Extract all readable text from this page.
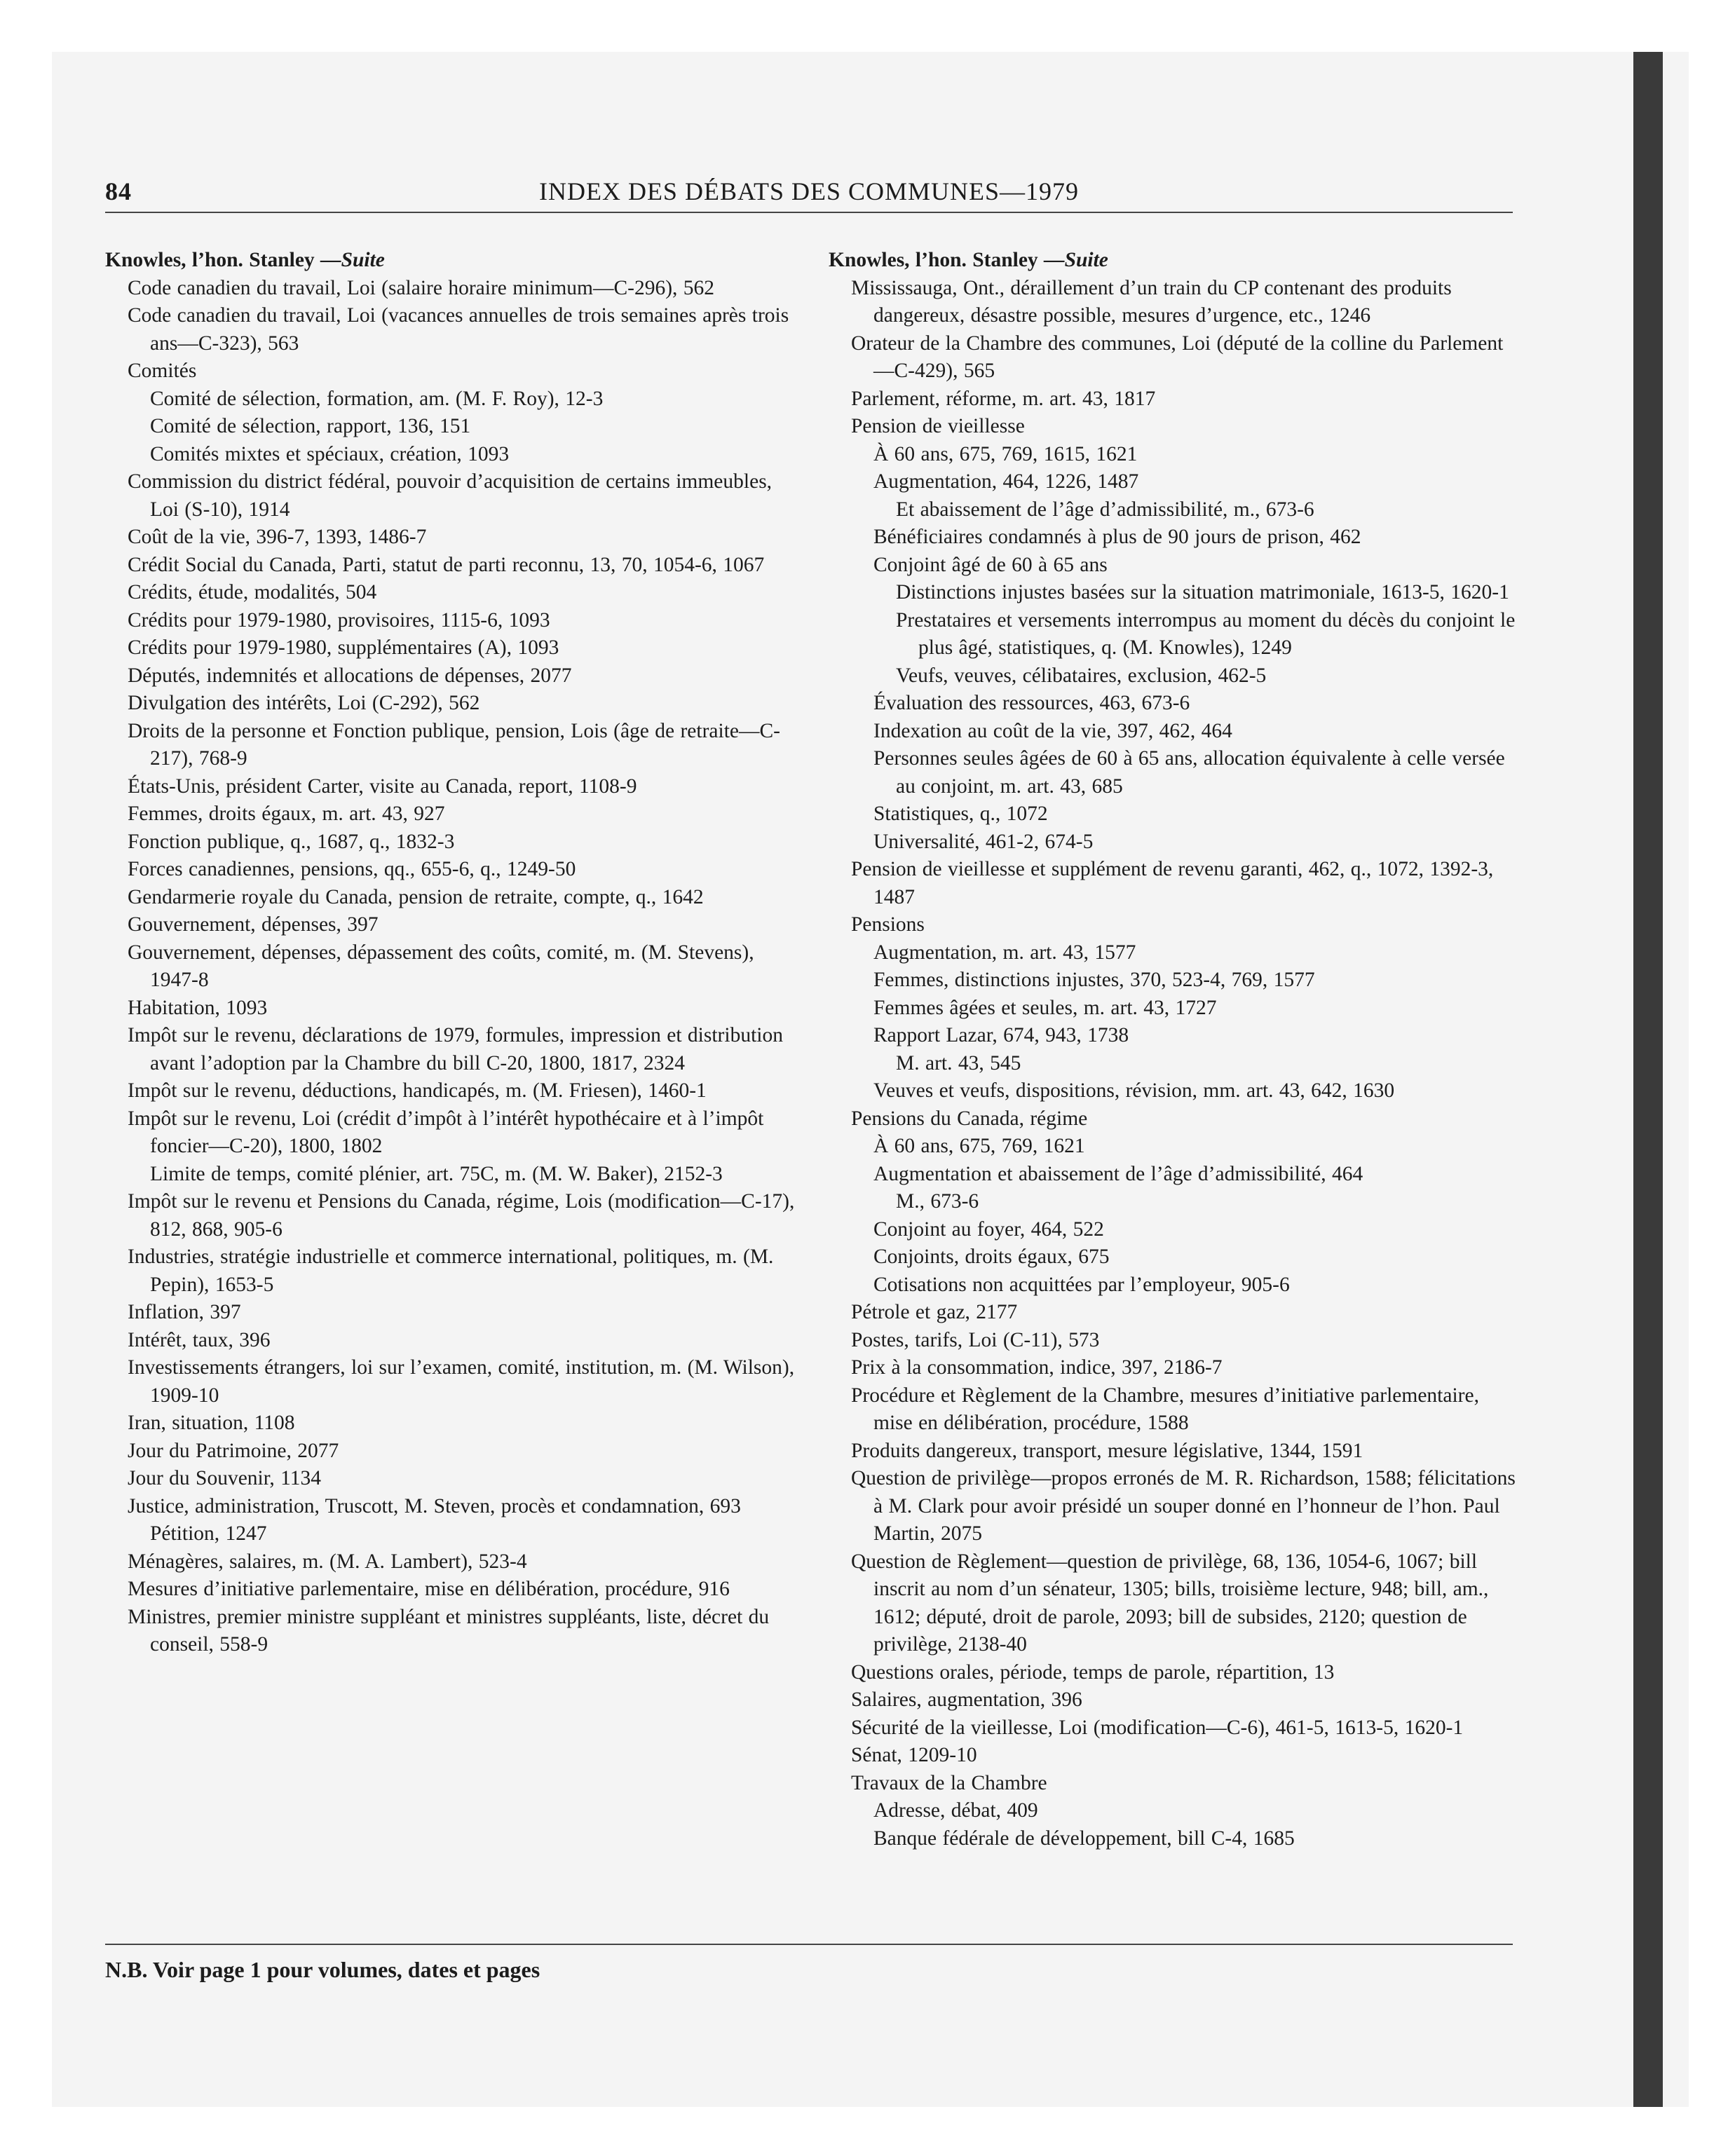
84	INDEX DES DÉBATS DES COMMUNES—1979
Knowles, l’hon. Stanley —Suite
Code canadien du travail, Loi (salaire horaire minimum—C-296), 562
Code canadien du travail, Loi (vacances annuelles de trois semaines après trois ans—C-323), 563
Comités
Comité de sélection, formation, am. (M. F. Roy), 12-3
Comité de sélection, rapport, 136, 151
Comités mixtes et spéciaux, création, 1093
Commission du district fédéral, pouvoir d’acquisition de certains immeubles, Loi (S-10), 1914
Coût de la vie, 396-7, 1393, 1486-7
Crédit Social du Canada, Parti, statut de parti reconnu, 13, 70, 1054-6, 1067
Crédits, étude, modalités, 504
Crédits pour 1979-1980, provisoires, 1115-6, 1093
Crédits pour 1979-1980, supplémentaires (A), 1093
Députés, indemnités et allocations de dépenses, 2077
Divulgation des intérêts, Loi (C-292), 562
Droits de la personne et Fonction publique, pension, Lois (âge de retraite—C-217), 768-9
États-Unis, président Carter, visite au Canada, report, 1108-9
Femmes, droits égaux, m. art. 43, 927
Fonction publique, q., 1687, q., 1832-3
Forces canadiennes, pensions, qq., 655-6, q., 1249-50
Gendarmerie royale du Canada, pension de retraite, compte, q., 1642
Gouvernement, dépenses, 397
Gouvernement, dépenses, dépassement des coûts, comité, m. (M. Stevens), 1947-8
Habitation, 1093
Impôt sur le revenu, déclarations de 1979, formules, impression et distribution avant l’adoption par la Chambre du bill C-20, 1800, 1817, 2324
Impôt sur le revenu, déductions, handicapés, m. (M. Friesen), 1460-1
Impôt sur le revenu, Loi (crédit d’impôt à l’intérêt hypothécaire et à l’impôt foncier—C-20), 1800, 1802
Limite de temps, comité plénier, art. 75C, m. (M. W. Baker), 2152-3
Impôt sur le revenu et Pensions du Canada, régime, Lois (modification—C-17), 812, 868, 905-6
Industries, stratégie industrielle et commerce international, politiques, m. (M. Pepin), 1653-5
Inflation, 397
Intérêt, taux, 396
Investissements étrangers, loi sur l’examen, comité, institution, m. (M. Wilson), 1909-10
Iran, situation, 1108
Jour du Patrimoine, 2077
Jour du Souvenir, 1134
Justice, administration, Truscott, M. Steven, procès et condamnation, 693
Pétition, 1247
Ménagères, salaires, m. (M. A. Lambert), 523-4
Mesures d’initiative parlementaire, mise en délibération, procédure, 916
Ministres, premier ministre suppléant et ministres suppléants, liste, décret du conseil, 558-9
Knowles, l’hon. Stanley —Suite
Mississauga, Ont., déraillement d’un train du CP contenant des produits dangereux, désastre possible, mesures d’urgence, etc., 1246
Orateur de la Chambre des communes, Loi (député de la colline du Parlement—C-429), 565
Parlement, réforme, m. art. 43, 1817
Pension de vieillesse
À 60 ans, 675, 769, 1615, 1621
Augmentation, 464, 1226, 1487
Et abaissement de l’âge d’admissibilité, m., 673-6
Bénéficiaires condamnés à plus de 90 jours de prison, 462
Conjoint âgé de 60 à 65 ans
Distinctions injustes basées sur la situation matrimoniale, 1613-5, 1620-1
Prestataires et versements interrompus au moment du décès du conjoint le plus âgé, statistiques, q. (M. Knowles), 1249
Veufs, veuves, célibataires, exclusion, 462-5
Évaluation des ressources, 463, 673-6
Indexation au coût de la vie, 397, 462, 464
Personnes seules âgées de 60 à 65 ans, allocation équivalente à celle versée au conjoint, m. art. 43, 685
Statistiques, q., 1072
Universalité, 461-2, 674-5
Pension de vieillesse et supplément de revenu garanti, 462, q., 1072, 1392-3, 1487
Pensions
Augmentation, m. art. 43, 1577
Femmes, distinctions injustes, 370, 523-4, 769, 1577
Femmes âgées et seules, m. art. 43, 1727
Rapport Lazar, 674, 943, 1738
M. art. 43, 545
Veuves et veufs, dispositions, révision, mm. art. 43, 642, 1630
Pensions du Canada, régime
À 60 ans, 675, 769, 1621
Augmentation et abaissement de l’âge d’admissibilité, 464
M., 673-6
Conjoint au foyer, 464, 522
Conjoints, droits égaux, 675
Cotisations non acquittées par l’employeur, 905-6
Pétrole et gaz, 2177
Postes, tarifs, Loi (C-11), 573
Prix à la consommation, indice, 397, 2186-7
Procédure et Règlement de la Chambre, mesures d’initiative parlementaire, mise en délibération, procédure, 1588
Produits dangereux, transport, mesure législative, 1344, 1591
Question de privilège—propos erronés de M. R. Richardson, 1588; félicitations à M. Clark pour avoir présidé un souper donné en l’honneur de l’hon. Paul Martin, 2075
Question de Règlement—question de privilège, 68, 136, 1054-6, 1067; bill inscrit au nom d’un sénateur, 1305; bills, troisième lecture, 948; bill, am., 1612; député, droit de parole, 2093; bill de subsides, 2120; question de privilège, 2138-40
Questions orales, période, temps de parole, répartition, 13
Salaires, augmentation, 396
Sécurité de la vieillesse, Loi (modification—C-6), 461-5, 1613-5, 1620-1
Sénat, 1209-10
Travaux de la Chambre
Adresse, débat, 409
Banque fédérale de développement, bill C-4, 1685
N.B. Voir page 1 pour volumes, dates et pages
